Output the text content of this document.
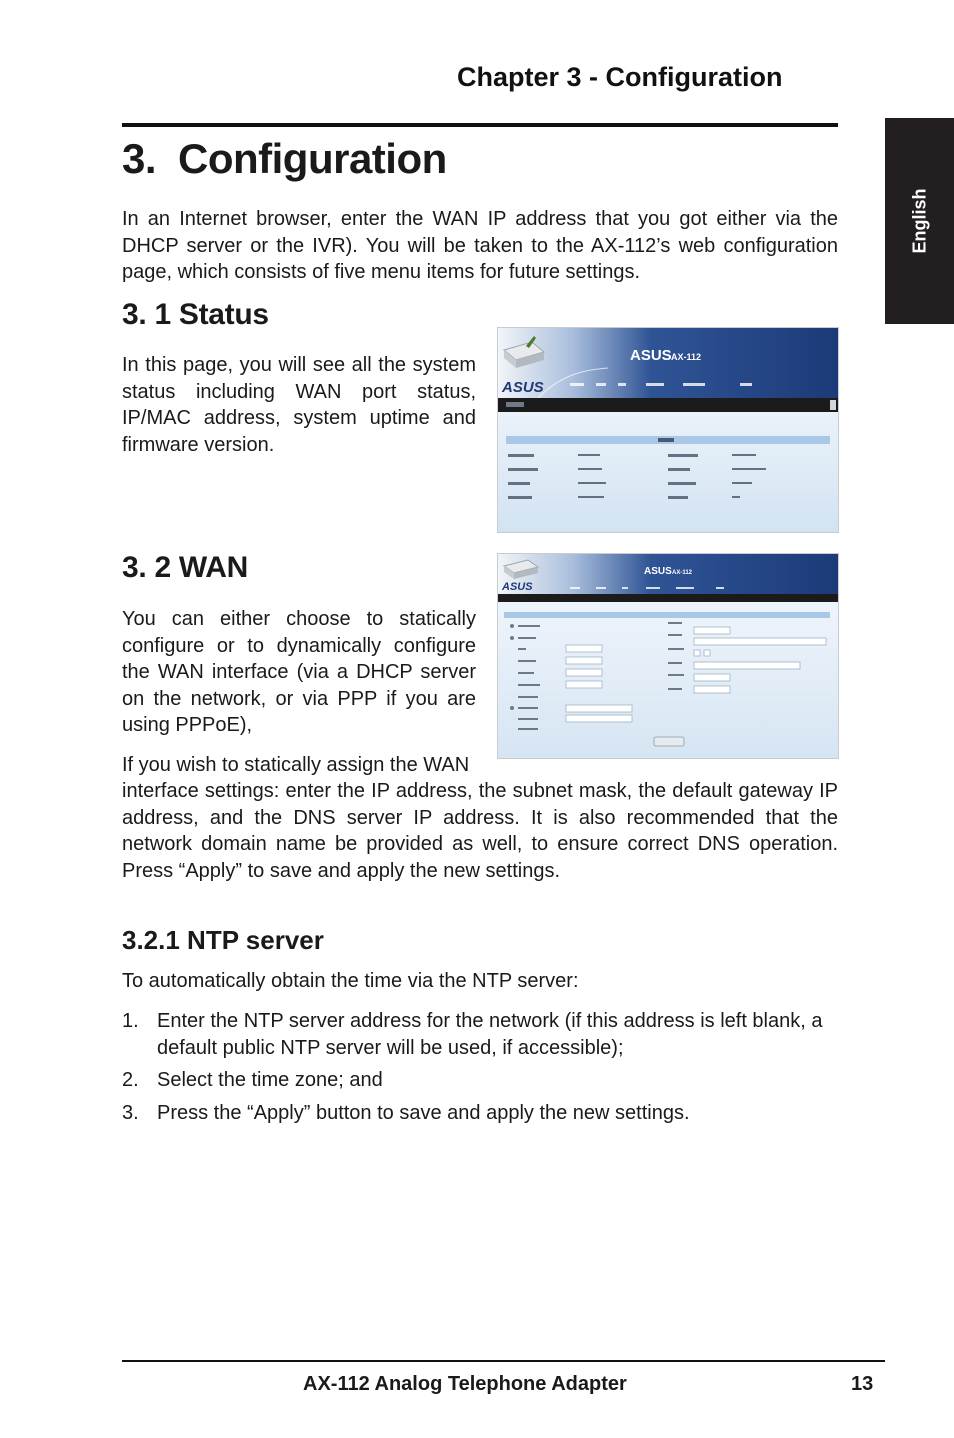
Chapter 3 - Configuration
3. Configuration

In an Internet browser, enter the WAN IP address that you got either via the DHCP server or the IVR). You will be taken to the AX-112’s web configuration page, which consists of five menu items for future settings.

3. 1 Status

In this page, you will see all the system status including WAN port status, IP/MAC address, system uptime and firmware version.

ASUS
ASUS AX-112
3. 2 WAN

You can either choose to statically configure or to dynamically configure the WAN interface (via a DHCP server on the network, or via PPP if you are using PPPoE),

ASUS
ASUS AX-112
If you wish to statically assign the WAN

interface settings: enter the IP address, the subnet mask, the default gateway IP address, and the DNS server IP address. It is also recommended that the network domain name be provided as well, to ensure correct DNS operation. Press “Apply” to save and apply the new settings.

3.2.1 NTP server

To automatically obtain the time via the NTP server:

1. Enter the NTP server address for the network (if this address is left blank, a default public NTP server will be used, if accessible);
2. Select the time zone; and
3. Press the “Apply” button to save and apply the new settings.
English
AX-112 Analog Telephone Adapter	13
